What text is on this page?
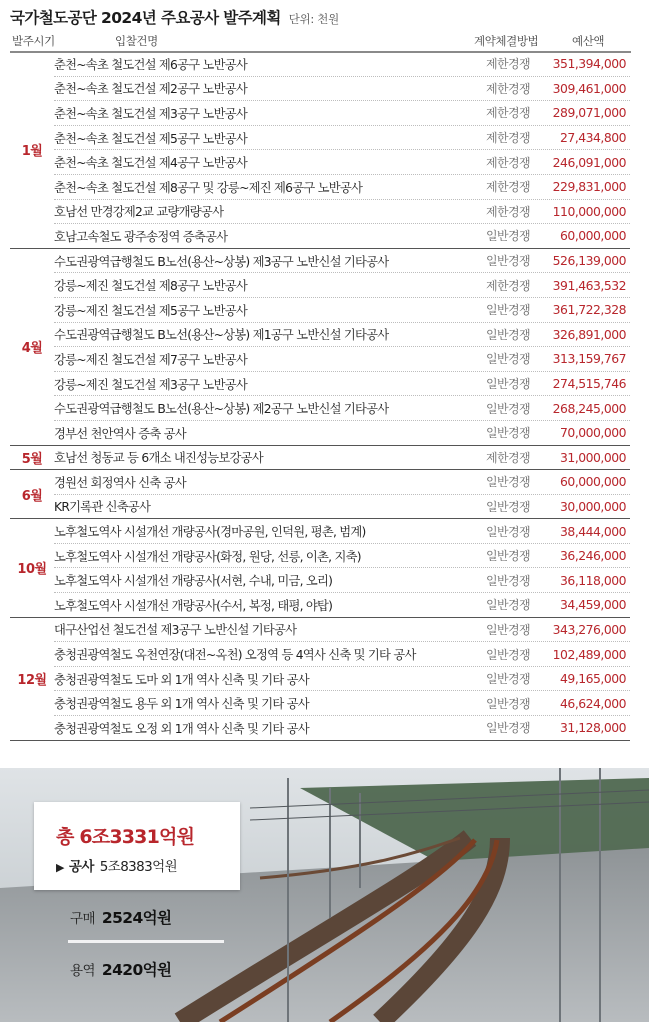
국가철도공단 2024년 주요공사 발주계획 단위: 천원
발주시기	입찰건명	계약체결방법	예산액
1월
춘천~속초 철도건설 제6공구 노반공사	제한경쟁	351,394,000
춘천~속초 철도건설 제2공구 노반공사	제한경쟁	309,461,000
춘천~속초 철도건설 제3공구 노반공사	제한경쟁	289,071,000
춘천~속초 철도건설 제5공구 노반공사	제한경쟁	27,434,800
춘천~속초 철도건설 제4공구 노반공사	제한경쟁	246,091,000
춘천~속초 철도건설 제8공구 및 강릉~제진 제6공구 노반공사	제한경쟁	229,831,000
호남선 만경강제2교 교량개량공사	제한경쟁	110,000,000
호남고속철도 광주송정역 증축공사	일반경쟁	60,000,000
4월
수도권광역급행철도 B노선(용산~상봉) 제3공구 노반신설 기타공사	일반경쟁	526,139,000
강릉~제진 철도건설 제8공구 노반공사	제한경쟁	391,463,532
강릉~제진 철도건설 제5공구 노반공사	일반경쟁	361,722,328
수도권광역급행철도 B노선(용산~상봉) 제1공구 노반신설 기타공사	일반경쟁	326,891,000
강릉~제진 철도건설 제7공구 노반공사	일반경쟁	313,159,767
강릉~제진 철도건설 제3공구 노반공사	일반경쟁	274,515,746
수도권광역급행철도 B노선(용산~상봉) 제2공구 노반신설 기타공사	일반경쟁	268,245,000
경부선 천안역사 증축 공사	일반경쟁	70,000,000
5월 호남선 청동교 등 6개소 내진성능보강공사	제한경쟁	31,000,000
6월
경원선 회정역사 신축 공사	일반경쟁	60,000,000
KR기록관 신축공사	일반경쟁	30,000,000
10월
노후철도역사 시설개선 개량공사(경마공원, 인덕원, 평촌, 범계)	일반경쟁	38,444,000
노후철도역사 시설개선 개량공사(화정, 원당, 선릉, 이촌, 지축)	일반경쟁	36,246,000
노후철도역사 시설개선 개량공사(서현, 수내, 미금, 오리)	일반경쟁	36,118,000
노후철도역사 시설개선 개량공사(수서, 복정, 태평, 야탑)	일반경쟁	34,459,000
12월
대구산업선 철도건설 제3공구 노반신설 기타공사	일반경쟁	343,276,000
충청권광역철도 옥천연장(대전~옥천) 오정역 등 4역사 신축 및 기타 공사	일반경쟁	102,489,000
충청권광역철도 도마 외 1개 역사 신축 및 기타 공사	일반경쟁	49,165,000
충청권광역철도 용두 외 1개 역사 신축 및 기타 공사	일반경쟁	46,624,000
충청권광역철도 오정 외 1개 역사 신축 및 기타 공사	일반경쟁	31,128,000
총 6조3331억원
▶ 공사 5조8383억원
구매 2524억원
용역 2420억원
